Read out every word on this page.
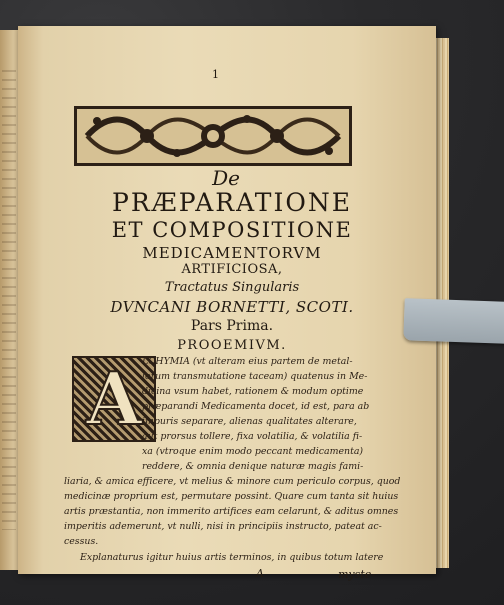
1
De
PRÆPARATIONE
ET COMPOSITIONE
MEDICAMENTORVM
ARTIFICIOSA,
Tractatus Singularis
DVNCANI BORNETTI, SCOTI.
Pars Prima.
PROOEMIVM.
A LCHYMIA (vt alteram eius partem de metal-
lorum transmutatione taceam) quatenus in Me-
dicina vsum habet, rationem & modum optime
præparandi Medicamenta docet, id est, para ab
impuris separare, alienas qualitates alterare,
aut prorsus tollere, fixa volatilia, & volatilia fi-
xa (vtroque enim modo peccant medicamenta)
reddere, & omnia denique naturæ magis fami-
liaria, & amica efficere, vt melius & minore cum periculo corpus, quod
medicinæ proprium est, permutare possint. Quare cum tanta sit huius
artis præstantia, non immerito artifices eam celarunt, & aditus omnes
imperitis ademerunt, vt nulli, nisi in principiis instructo, pateat ac-
cessus.
Explanaturus igitur huius artis terminos, in quibus totum latere
A	myste-
